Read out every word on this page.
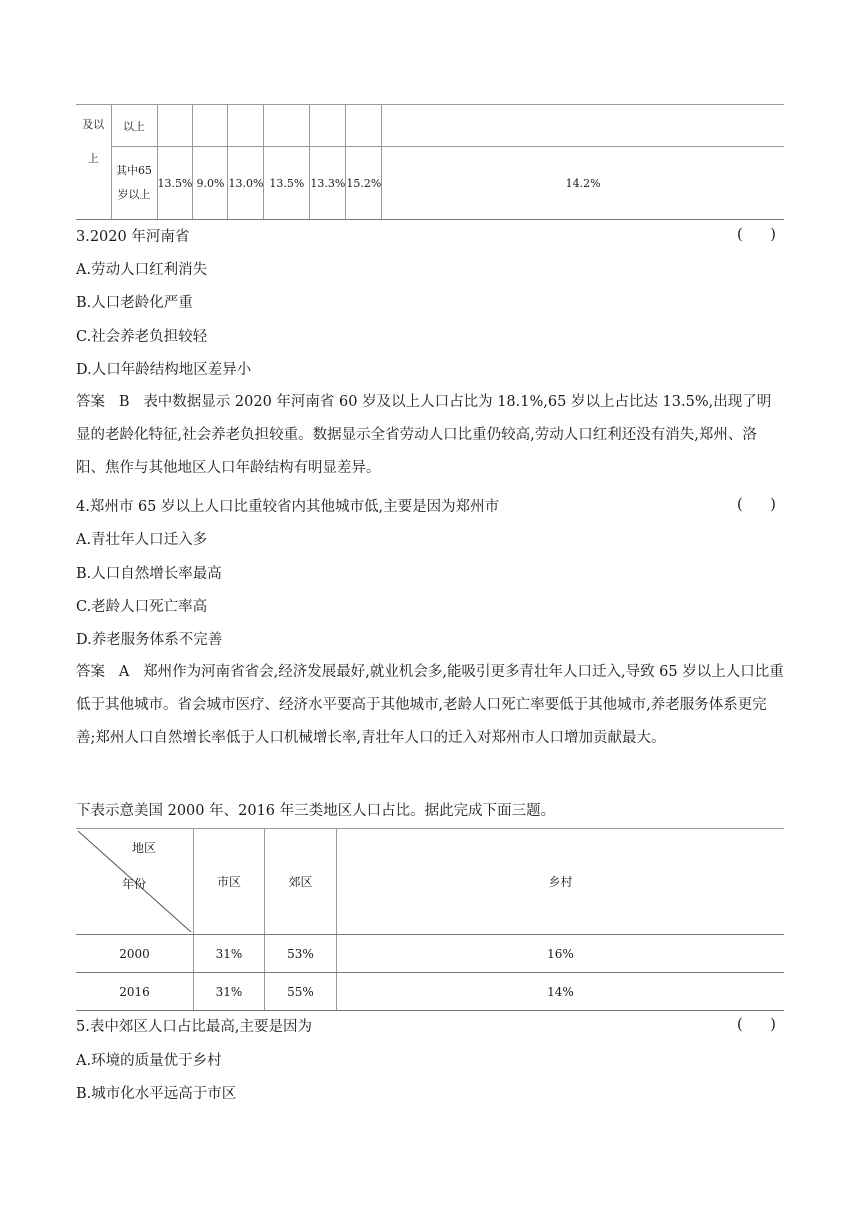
及以
上	以上							

	其中65
岁以上	13.5%	9.0%	13.0%	13.5%	13.3%	15.2%	14.2%
3.2020 年河南省	(      )
A.劳动人口红利消失
B.人口老龄化严重
C.社会养老负担较轻
D.人口年龄结构地区差异小
答案 B 表中数据显示 2020 年河南省 60 岁及以上人口占比为 18.1%,65 岁以上占比达 13.5%,出现了明显的老龄化特征,社会养老负担较重。数据显示全省劳动人口比重仍较高,劳动人口红利还没有消失,郑州、洛阳、焦作与其他地区人口年龄结构有明显差异。
4.郑州市 65 岁以上人口比重较省内其他城市低,主要是因为郑州市	(      )
A.青壮年人口迁入多
B.人口自然增长率最高
C.老龄人口死亡率高
D.养老服务体系不完善
答案 A 郑州作为河南省省会,经济发展最好,就业机会多,能吸引更多青壮年人口迁入,导致 65 岁以上人口比重低于其他城市。省会城市医疗、经济水平要高于其他城市,老龄人口死亡率要低于其他城市,养老服务体系更完善;郑州人口自然增长率低于人口机械增长率,青壮年人口的迁入对郑州市人口增加贡献最大。
下表示意美国 2000 年、2016 年三类地区人口占比。据此完成下面三题。
地区
年份	市区	郊区	乡村
2000	31%	53%	16%
2016	31%	55%	14%
5.表中郊区人口占比最高,主要是因为	(      )
A.环境的质量优于乡村
B.城市化水平远高于市区
